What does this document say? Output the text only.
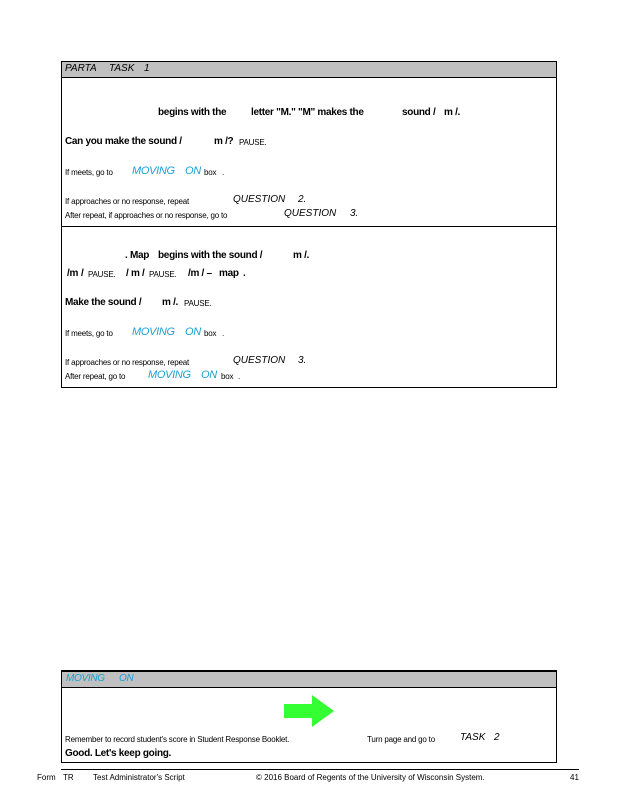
PARTA TASK 1
begins with the letter "M." "M" makes the	sound / m /.
Can you make the sound /	m /? PAUSE.
If meets, go to MOVING ON box .
If approaches or no response, repeat	QUESTION 2.
After repeat, if approaches or no response, go to	QUESTION 3.
. Map begins with the sound /	m /.
/m / PAUSE. / m / PAUSE. /m / – map .
Make the sound / m /. PAUSE.
If meets, go to MOVING ON box .
If approaches or no response, repeat	QUESTION 3.
After repeat, go to MOVING ON box .
MOVING ON
Remember to record student's score in Student Response Booklet.	Turn page and go to	TASK 2
Good. Let's keep going.
Form TR Test Administrator's Script	© 2016 Board of Regents of the University of Wisconsin System.	41
